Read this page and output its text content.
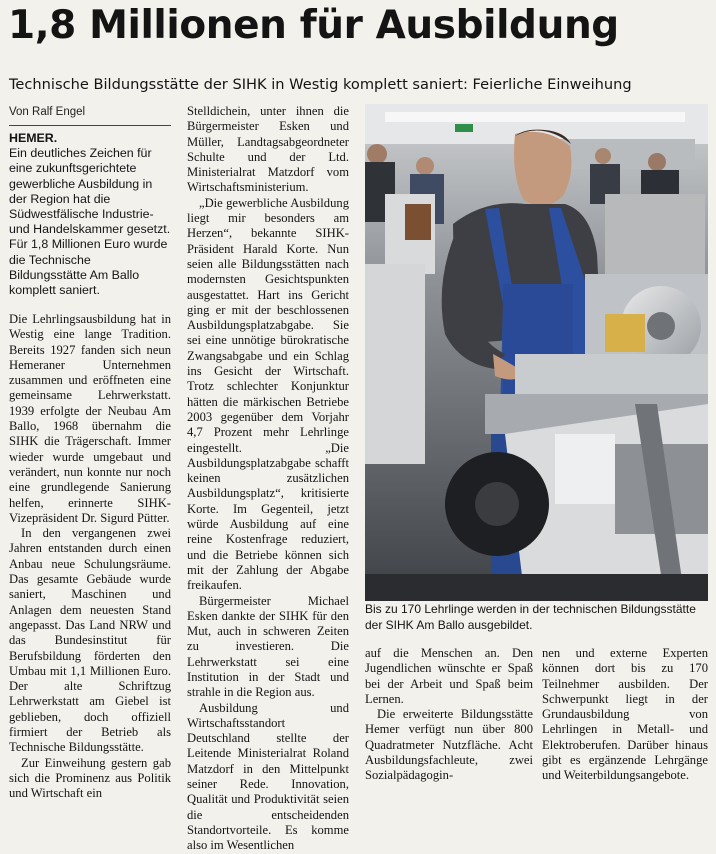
1,8 Millionen für Ausbildung
Technische Bildungsstätte der SIHK in Westig komplett saniert: Feierliche Einweihung
Von Ralf Engel
HEMER.
Ein deutliches Zeichen für eine zukunftsgerichtete gewerbliche Ausbildung in der Region hat die Südwestfälische Industrie- und Handelskammer gesetzt. Für 1,8 Millionen Euro wurde die Technische Bildungsstätte Am Ballo komplett saniert.

Die Lehrlingsausbildung hat in Westig eine lange Tradition. Bereits 1927 fanden sich neun Hemeraner Unternehmen zusammen und eröffneten eine gemeinsame Lehrwerkstatt. 1939 erfolgte der Neubau Am Ballo, 1968 übernahm die SIHK die Trägerschaft. Immer wieder wurde umgebaut und verändert, nun konnte nur noch eine grundlegende Sanierung helfen, erinnerte SIHK-Vizepräsident Dr. Sigurd Pütter.

In den vergangenen zwei Jahren entstanden durch einen Anbau neue Schulungsräume. Das gesamte Gebäude wurde saniert, Maschinen und Anlagen dem neuesten Stand angepasst. Das Land NRW und das Bundesinstitut für Berufsbildung förderten den Umbau mit 1,1 Millionen Euro. Der alte Schriftzug Lehrwerkstatt am Giebel ist geblieben, doch offiziell firmiert der Betrieb als Technische Bildungsstätte.

Zur Einweihung gestern gab sich die Prominenz aus Politik und Wirtschaft ein

Stelldichein, unter ihnen die Bürgermeister Esken und Müller, Landtagsabgeordneter Schulte und der Ltd. Ministerialrat Matzdorf vom Wirtschaftsministerium.

„Die gewerbliche Ausbildung liegt mir besonders am Herzen“, bekannte SIHK-Präsident Harald Korte. Nun seien alle Bildungsstätten nach modernsten Gesichtspunkten ausgestattet. Hart ins Gericht ging er mit der beschlossenen Ausbildungsplatzabgabe. Sie sei eine unnötige bürokratische Zwangsabgabe und ein Schlag ins Gesicht der Wirtschaft. Trotz schlechter Konjunktur hätten die märkischen Betriebe 2003 gegenüber dem Vorjahr 4,7 Prozent mehr Lehrlinge eingestellt. „Die Ausbildungsplatzabgabe schafft keinen zusätzlichen Ausbildungsplatz“, kritisierte Korte. Im Gegenteil, jetzt würde Ausbildung auf eine reine Kostenfrage reduziert, und die Betriebe können sich mit der Zahlung der Abgabe freikaufen.

Bürgermeister Michael Esken dankte der SIHK für den Mut, auch in schweren Zeiten zu investieren. Die Lehrwerkstatt sei eine Institution in der Stadt und strahle in die Region aus.

Ausbildung und Wirtschaftsstandort Deutschland stellte der Leitende Ministerialrat Roland Matzdorf in den Mittelpunkt seiner Rede. Innovation, Qualität und Produktivität seien die entscheidenden Standortvorteile. Es komme also im Wesentlichen

Bis zu 170 Lehrlinge werden in der technischen Bildungsstätte der SIHK Am Ballo ausgebildet.

auf die Menschen an. Den Jugendlichen wünschte er Spaß bei der Arbeit und Spaß beim Lernen.

Die erweiterte Bildungsstätte Hemer verfügt nun über 800 Quadratmeter Nutzfläche. Acht Ausbildungsfachleute, zwei Sozialpädagogin-

nen und externe Experten können dort bis zu 170 Teilnehmer ausbilden. Der Schwerpunkt liegt in der Grundausbildung von Lehrlingen in Metall- und Elektroberufen. Darüber hinaus gibt es ergänzende Lehrgänge und Weiterbildungsangebote.
